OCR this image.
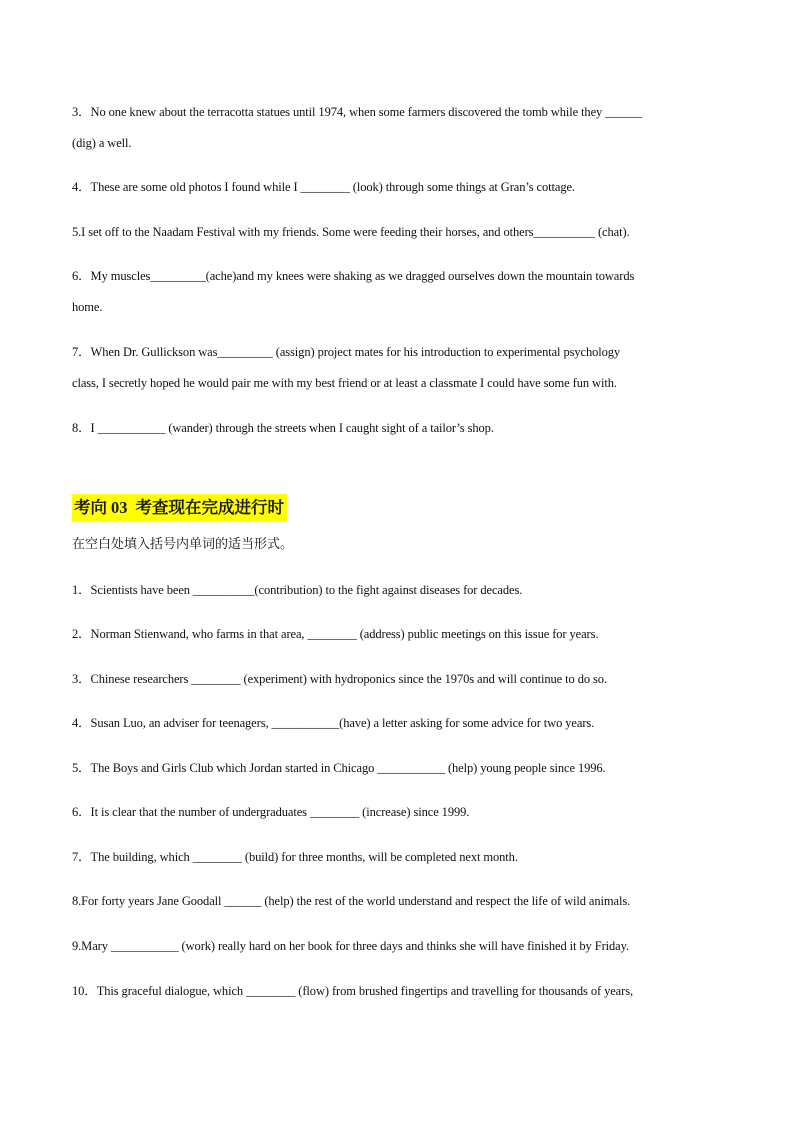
3．No one knew about the terracotta statues until 1974, when some farmers discovered the tomb while they ______
(dig) a well.
4．These are some old photos I found while I ________ (look) through some things at Gran’s cottage.
5.I set off to the Naadam Festival with my friends. Some were feeding their horses, and others__________ (chat).
6．My muscles_________(ache)and my knees were shaking as we dragged ourselves down the mountain towards
home.
7．When Dr. Gullickson was_________ (assign) project mates for his introduction to experimental psychology
class, I secretly hoped he would pair me with my best friend or at least a classmate I could have some fun with.
8．I ___________ (wander) through the streets when I caught sight of a tailor’s shop.
考向 03 考查现在完成进行时
在空白处填入括号内单词的适当形式。
1．Scientists have been __________(contribution) to the fight against diseases for decades.
2．Norman Stienwand, who farms in that area, ________ (address) public meetings on this issue for years.
3．Chinese researchers ________ (experiment) with hydroponics since the 1970s and will continue to do so.
4．Susan Luo, an adviser for teenagers, ___________(have) a letter asking for some advice for two years.
5．The Boys and Girls Club which Jordan started in Chicago ___________ (help) young people since 1996.
6．It is clear that the number of undergraduates ________ (increase) since 1999.
7．The building, which ________ (build) for three months, will be completed next month.
8.For forty years Jane Goodall ______ (help) the rest of the world understand and respect the life of wild animals.
9.Mary ___________ (work) really hard on her book for three days and thinks she will have finished it by Friday.
10．This graceful dialogue, which ________ (flow) from brushed fingertips and travelling for thousands of years,
